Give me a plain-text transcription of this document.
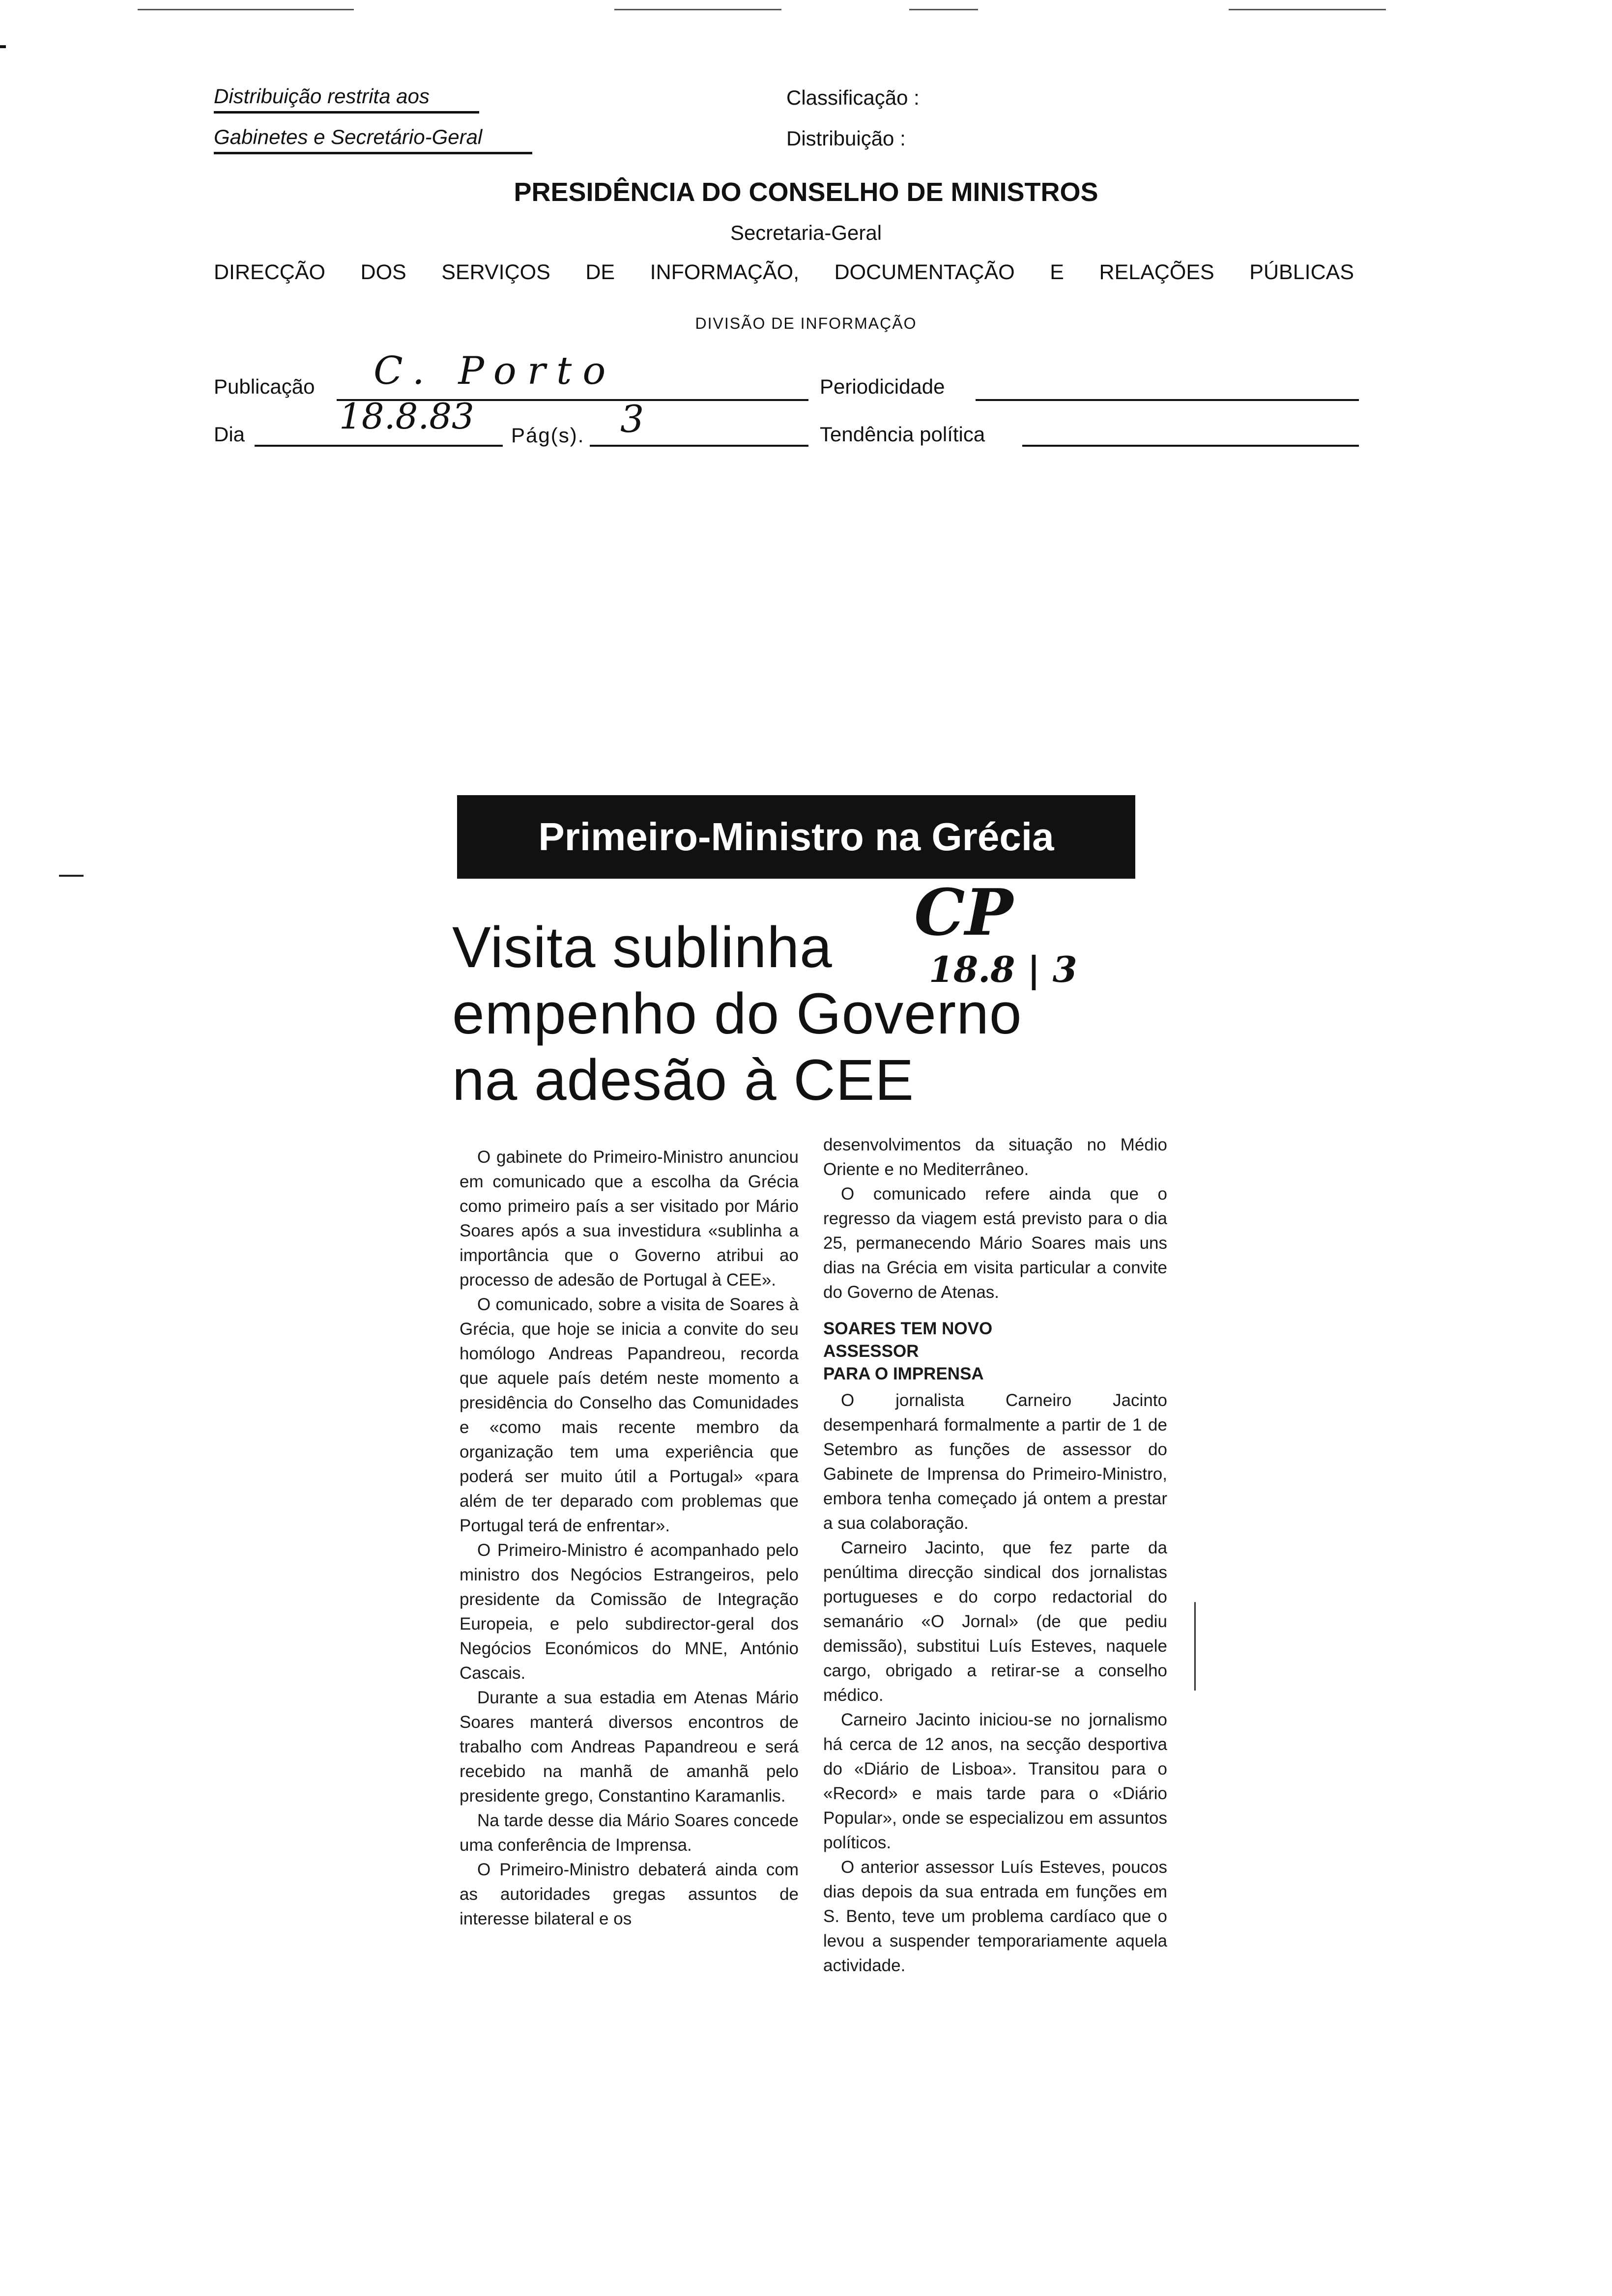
Distribuição restrita aos
Gabinetes e Secretário-Geral
Classificação :
Distribuição :
PRESIDÊNCIA DO CONSELHO DE MINISTROS
Secretaria-Geral
DIRECÇÃO DOS SERVIÇOS DE INFORMAÇÃO, DOCUMENTAÇÃO E RELAÇÕES PÚBLICAS
DIVISÃO DE INFORMAÇÃO
Publicação C. Porto	Periodicidade
Dia	18.8.83 Pág(s). 3	Tendência política
Primeiro-Ministro na Grécia
Visita sublinha
empenho do Governo
na adesão à CEE
CP
18.8 | 3

O gabinete do Primeiro-Ministro anunciou em comunicado que a escolha da Grécia como primeiro país a ser visitado por Mário Soares após a sua investidura «sublinha a importância que o Governo atribui ao processo de adesão de Portugal à CEE».

O comunicado, sobre a visita de Soares à Grécia, que hoje se inicia a convite do seu homólogo Andreas Papandreou, recorda que aquele país detém neste momento a presidência do Conselho das Comunidades e «como mais recente membro da organização tem uma experiência que poderá ser muito útil a Portugal» «para além de ter deparado com problemas que Portugal terá de enfrentar».

O Primeiro-Ministro é acompanhado pelo ministro dos Negócios Estrangeiros, pelo presidente da Comissão de Integração Europeia, e pelo subdirector-geral dos Negócios Económicos do MNE, António Cascais.

Durante a sua estadia em Atenas Mário Soares manterá diversos encontros de trabalho com Andreas Papandreou e será recebido na manhã de amanhã pelo presidente grego, Constantino Karamanlis.

Na tarde desse dia Mário Soares concede uma conferência de Imprensa.

O Primeiro-Ministro debaterá ainda com as autoridades gregas assuntos de interesse bilateral e os

desenvolvimentos da situação no Médio Oriente e no Mediterrâneo.

O comunicado refere ainda que o regresso da viagem está previsto para o dia 25, permanecendo Mário Soares mais uns dias na Grécia em visita particular a convite do Governo de Atenas.

SOARES TEM NOVO
ASSESSOR
PARA O IMPRENSA

O jornalista Carneiro Jacinto desempenhará formalmente a partir de 1 de Setembro as funções de assessor do Gabinete de Imprensa do Primeiro-Ministro, embora tenha começado já ontem a prestar a sua colaboração.

Carneiro Jacinto, que fez parte da penúltima direcção sindical dos jornalistas portugueses e do corpo redactorial do semanário «O Jornal» (de que pediu demissão), substitui Luís Esteves, naquele cargo, obrigado a retirar-se a conselho médico.

Carneiro Jacinto iniciou-se no jornalismo há cerca de 12 anos, na secção desportiva do «Diário de Lisboa». Transitou para o «Record» e mais tarde para o «Diário Popular», onde se especializou em assuntos políticos.

O anterior assessor Luís Esteves, poucos dias depois da sua entrada em funções em S. Bento, teve um problema cardíaco que o levou a suspender temporariamente aquela actividade.
